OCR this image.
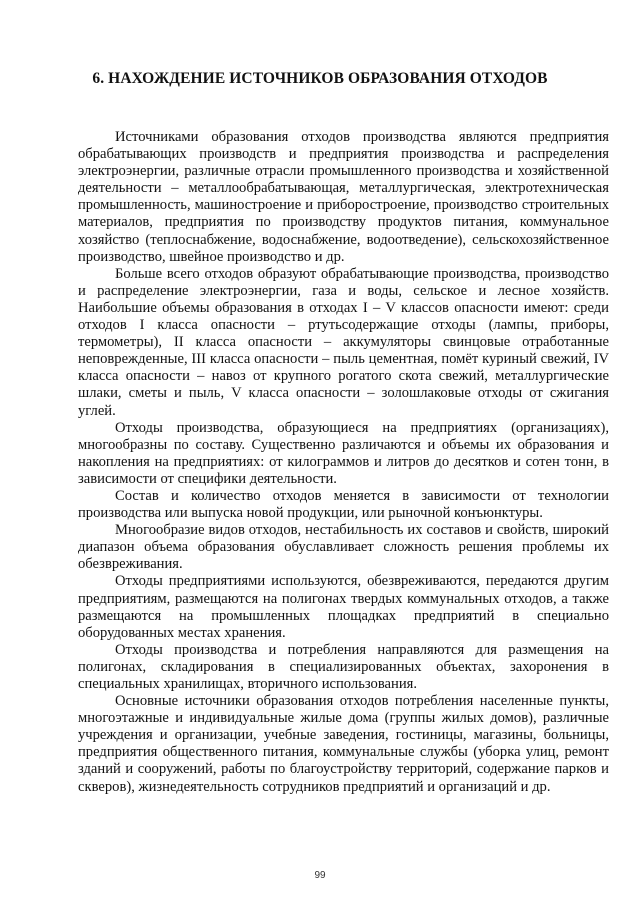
6. НАХОЖДЕНИЕ ИСТОЧНИКОВ ОБРАЗОВАНИЯ ОТХОДОВ

Источниками образования отходов производства являются предприятия обрабатывающих производств и предприятия производства и распределения электроэнергии, различные отрасли промышленного производства и хозяйственной деятельности – металлообрабатывающая, металлургическая, электротехническая промышленность, машиностроение и приборостроение, производство строительных материалов, предприятия по производству продуктов питания, коммунальное хозяйство (теплоснабжение, водоснабжение, водоотведение), сельскохозяйственное производство, швейное производство и др.

Больше всего отходов образуют обрабатывающие производства, производство и распределение электроэнергии, газа и воды, сельское и лесное хозяйств. Наибольшие объемы образования в отходах I – V классов опасности имеют: среди отходов I класса опасности – ртутьсодержащие отходы (лампы, приборы, термометры), II класса опасности – аккумуляторы свинцовые отработанные неповрежденные, III класса опасности – пыль цементная, помёт куриный свежий, IV класса опасности – навоз от крупного рогатого скота свежий, металлургические шлаки, сметы и пыль, V класса опасности – золошлаковые отходы от сжигания углей.

Отходы производства, образующиеся на предприятиях (организациях), многообразны по составу. Существенно различаются и объемы их образования и накопления на предприятиях: от килограммов и литров до десятков и сотен тонн, в зависимости от специфики деятельности.

Состав и количество отходов меняется в зависимости от технологии производства или выпуска новой продукции, или рыночной конъюнктуры.

Многообразие видов отходов, нестабильность их составов и свойств, широкий диапазон объема образования обуславливает сложность решения проблемы их обезвреживания.

Отходы предприятиями используются, обезвреживаются, передаются другим предприятиям, размещаются на полигонах твердых коммунальных отходов, а также размещаются на промышленных площадках предприятий в специально оборудованных местах хранения.

Отходы производства и потребления направляются для размещения на полигонах, складирования в специализированных объектах, захоронения в специальных хранилищах, вторичного использования.

Основные источники образования отходов потребления населенные пункты, многоэтажные и индивидуальные жилые дома (группы жилых домов), различные учреждения и организации, учебные заведения, гостиницы, магазины, больницы, предприятия общественного питания, коммунальные службы (уборка улиц, ремонт зданий и сооружений, работы по благоустройству территорий, содержание парков и скверов), жизнедеятельность сотрудников предприятий и организаций и др.

99
